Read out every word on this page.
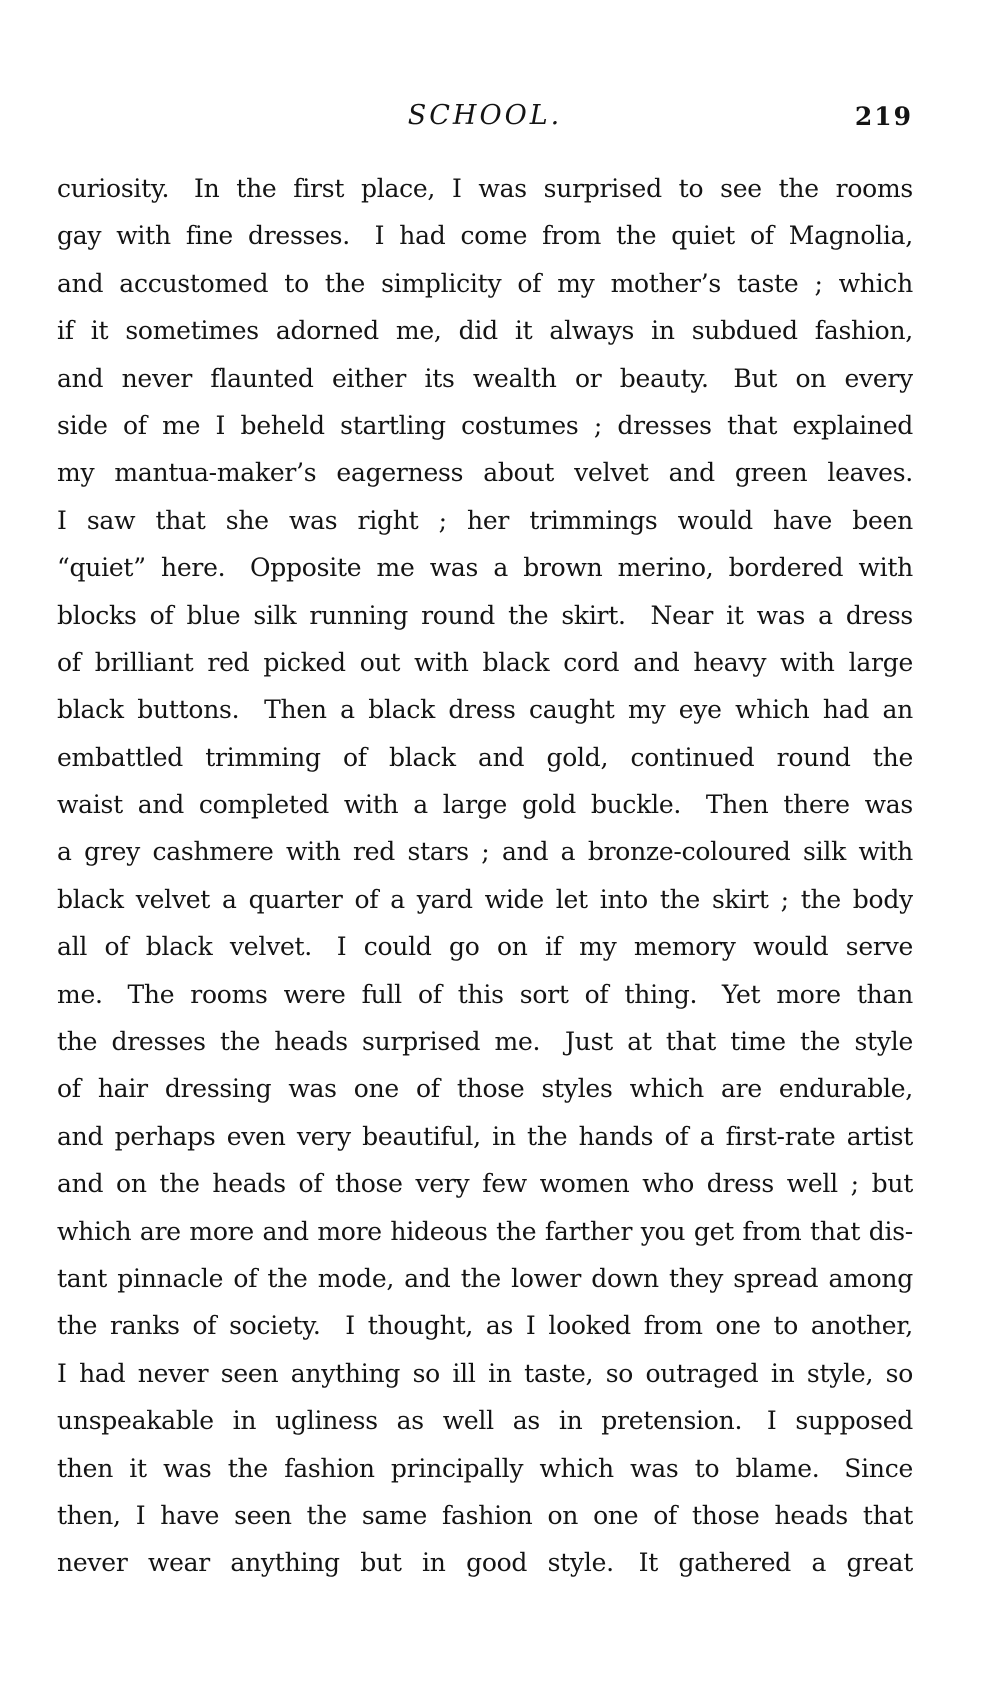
SCHOOL.	219
curiosity. In the first place, I was surprised to see the rooms
gay with fine dresses. I had come from the quiet of Magnolia,
and accustomed to the simplicity of my mother’s taste ; which
if it sometimes adorned me, did it always in subdued fashion,
and never flaunted either its wealth or beauty. But on every
side of me I beheld startling costumes ; dresses that explained
my mantua-maker’s eagerness about velvet and green leaves.
I saw that she was right ; her trimmings would have been
“quiet” here. Opposite me was a brown merino, bordered with
blocks of blue silk running round the skirt. Near it was a dress
of brilliant red picked out with black cord and heavy with large
black buttons. Then a black dress caught my eye which had an
embattled trimming of black and gold, continued round the
waist and completed with a large gold buckle. Then there was
a grey cashmere with red stars ; and a bronze-coloured silk with
black velvet a quarter of a yard wide let into the skirt ; the body
all of black velvet. I could go on if my memory would serve
me. The rooms were full of this sort of thing. Yet more than
the dresses the heads surprised me. Just at that time the style
of hair dressing was one of those styles which are endurable,
and perhaps even very beautiful, in the hands of a first-rate artist
and on the heads of those very few women who dress well ; but
which are more and more hideous the farther you get from that dis-
tant pinnacle of the mode, and the lower down they spread among
the ranks of society. I thought, as I looked from one to another,
I had never seen anything so ill in taste, so outraged in style, so
unspeakable in ugliness as well as in pretension. I supposed
then it was the fashion principally which was to blame. Since
then, I have seen the same fashion on one of those heads that
never wear anything but in good style. It gathered a great
